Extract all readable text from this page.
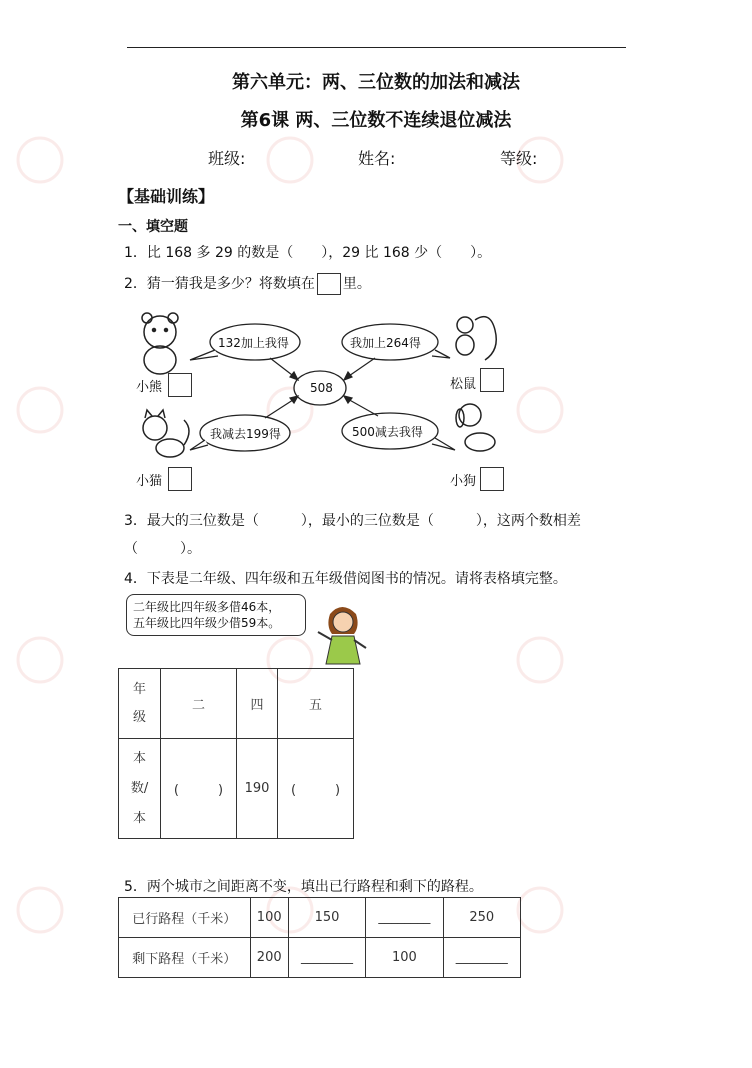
第六单元：两、三位数的加法和减法
第6课 两、三位数不连续退位减法
班级:	姓名:	等级:
【基础训练】
一、填空题
1．比 168 多 29 的数是（　　），29 比 168 少（　　）。
2．猜一猜我是多少？将数填在 里。
132加上我得	我加上264得
我减去199得	500减去我得
508
小熊	松鼠
小猫	小狗
3．最大的三位数是（　　　），最小的三位数是（　　　），这两个数相差
（　　　）。
4．下表是二年级、四年级和五年级借阅图书的情况。请将表格填完整。
二年级比四年级多借46本，
五年级比四年级少借59本。
年
级	二	四	五

本
数/
本	(　　　)	190	(　　　)
5．两个城市之间距离不变，填出已行路程和剩下的路程。
已行路程（千米）	100	150	________	250
剩下路程（千米）	200	________	100	________
